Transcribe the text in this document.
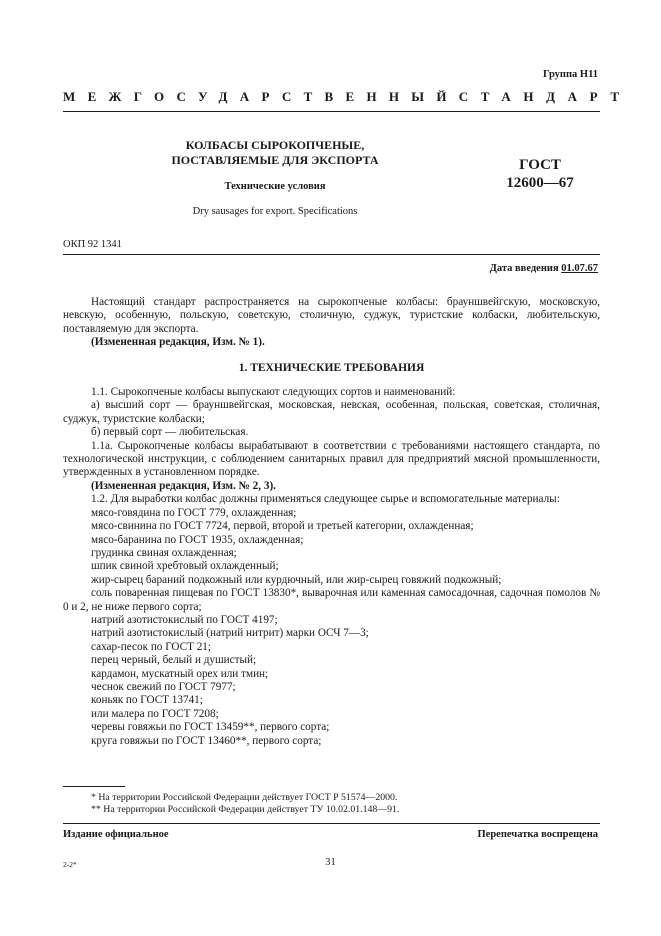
Группа Н11
МЕЖГОСУДАРСТВЕННЫЙ СТАНДАРТ
КОЛБАСЫ СЫРОКОПЧЕНЫЕ,
ПОСТАВЛЯЕМЫЕ ДЛЯ ЭКСПОРТА
Технические условия
Dry sausages for export. Specifications
ГОСТ
12600—67
ОКП 92 1341
Дата введения 01.07.67

Настоящий стандарт распространяется на сырокопченые колбасы: брауншвейгскую, московскую, невскую, особенную, польскую, советскую, столичную, суджук, туристские колбаски, любительскую, поставляемую для экспорта.

(Измененная редакция, Изм. № 1).

1. ТЕХНИЧЕСКИЕ ТРЕБОВАНИЯ

1.1. Сырокопченые колбасы выпускают следующих сортов и наименований:

а) высший сорт — брауншвейгская, московская, невская, особенная, польская, советская, столичная, суджук, туристские колбаски;

б) первый сорт — любительская.

1.1а. Сырокопченые колбасы вырабатывают в соответствии с требованиями настоящего стандарта, по технологической инструкции, с соблюдением санитарных правил для предприятий мясной промышленности, утвержденных в установленном порядке.

(Измененная редакция, Изм. № 2, 3).

1.2. Для выработки колбас должны применяться следующее сырье и вспомогательные материалы:

мясо-говядина по ГОСТ 779, охлажденная;

мясо-свинина по ГОСТ 7724, первой, второй и третьей категории, охлажденная;

мясо-баранина по ГОСТ 1935, охлажденная;

грудинка свиная охлажденная;

шпик свиной хребтовый охлажденный;

жир-сырец бараний подкожный или курдючный, или жир-сырец говяжий подкожный;

соль поваренная пищевая по ГОСТ 13830*, выварочная или каменная самосадочная, садочная помолов № 0 и 2, не ниже первого сорта;

натрий азотистокислый по ГОСТ 4197;

натрий азотистокислый (натрий нитрит) марки ОСЧ 7—3;

сахар-песок по ГОСТ 21;

перец черный, белый и душистый;

кардамон, мускатный орех или тмин;

чеснок свежий по ГОСТ 7977;

коньяк по ГОСТ 13741;

или малера по ГОСТ 7208;

черевы говяжьи по ГОСТ 13459**, первого сорта;

круга говяжьи по ГОСТ 13460**, первого сорта;

* На территории Российской Федерации действует ГОСТ Р 51574—2000.
** На территории Российской Федерации действует ТУ 10.02.01.148—91.
Издание официальное	Перепечатка воспрещена
2-2*	31
